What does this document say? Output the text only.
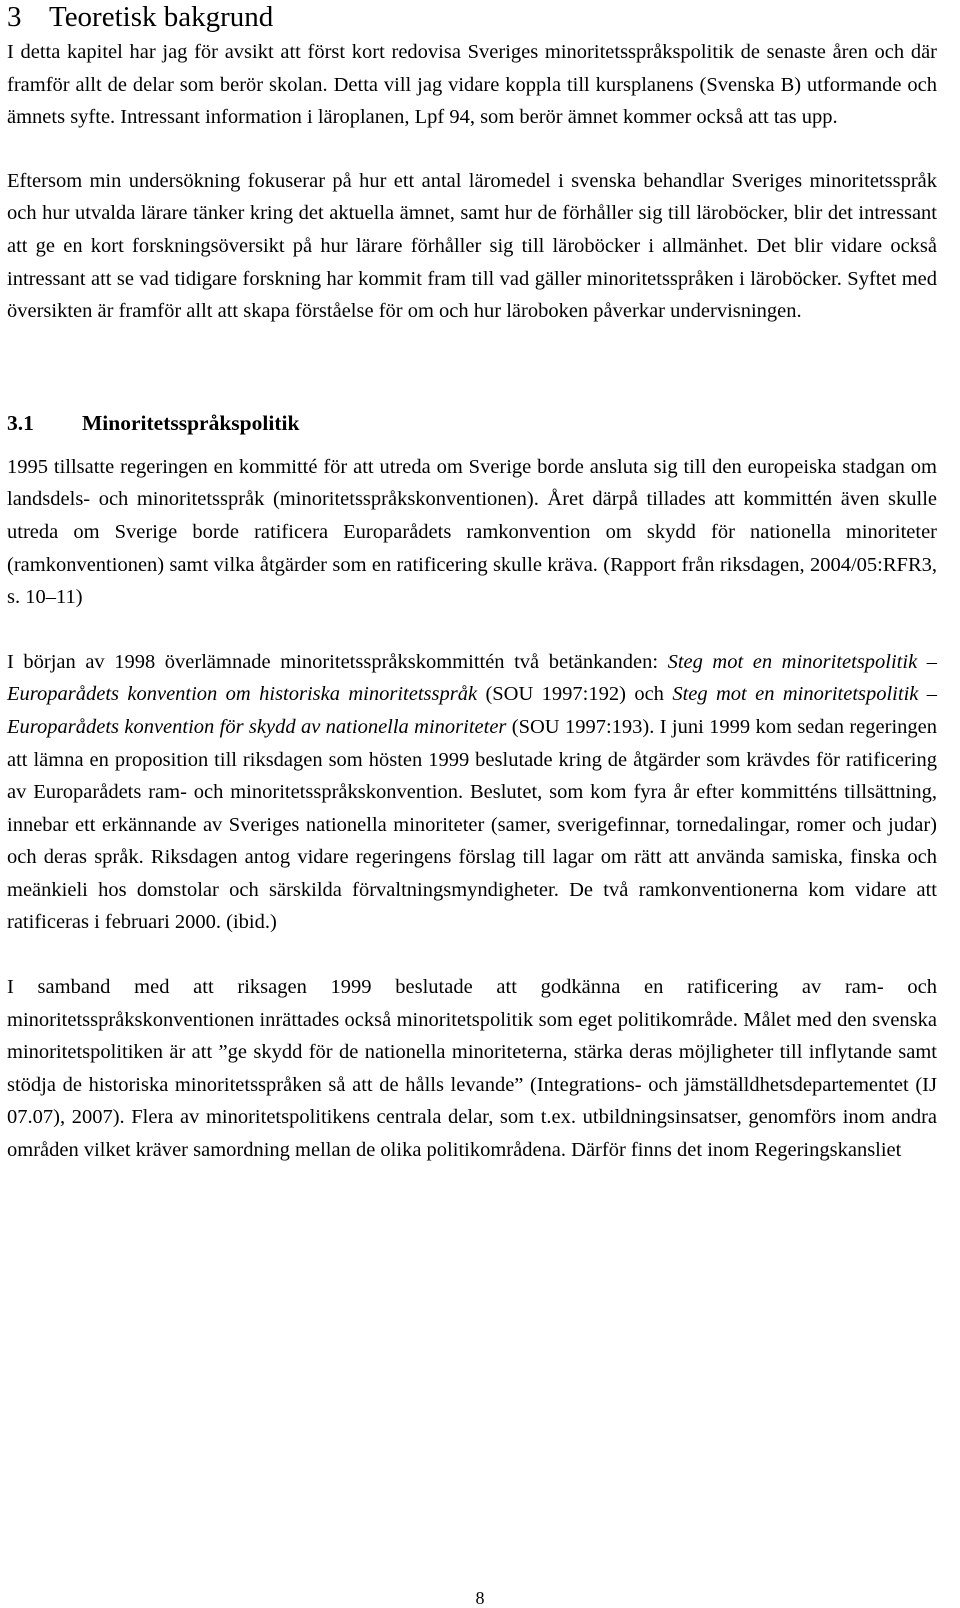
3 Teoretisk bakgrund

I detta kapitel har jag för avsikt att först kort redovisa Sveriges minoritetsspråkspolitik de senaste åren och där framför allt de delar som berör skolan. Detta vill jag vidare koppla till kursplanens (Svenska B) utformande och ämnets syfte. Intressant information i läroplanen, Lpf 94, som berör ämnet kommer också att tas upp.

Eftersom min undersökning fokuserar på hur ett antal läromedel i svenska behandlar Sveriges minoritetsspråk och hur utvalda lärare tänker kring det aktuella ämnet, samt hur de förhåller sig till läroböcker, blir det intressant att ge en kort forskningsöversikt på hur lärare förhåller sig till läroböcker i allmänhet. Det blir vidare också intressant att se vad tidigare forskning har kommit fram till vad gäller minoritetsspråken i läroböcker. Syftet med översikten är framför allt att skapa förståelse för om och hur läroboken påverkar undervisningen.

3.1 Minoritetsspråkspolitik

1995 tillsatte regeringen en kommitté för att utreda om Sverige borde ansluta sig till den europeiska stadgan om landsdels- och minoritetsspråk (minoritetsspråkskonventionen). Året därpå tillades att kommittén även skulle utreda om Sverige borde ratificera Europarådets ramkonvention om skydd för nationella minoriteter (ramkonventionen) samt vilka åtgärder som en ratificering skulle kräva. (Rapport från riksdagen, 2004/05:RFR3, s. 10–11)

I början av 1998 överlämnade minoritetsspråkskommittén två betänkanden: Steg mot en minoritetspolitik – Europarådets konvention om historiska minoritetsspråk (SOU 1997:192) och Steg mot en minoritetspolitik – Europarådets konvention för skydd av nationella minoriteter (SOU 1997:193). I juni 1999 kom sedan regeringen att lämna en proposition till riksdagen som hösten 1999 beslutade kring de åtgärder som krävdes för ratificering av Europarådets ram- och minoritetsspråkskonvention. Beslutet, som kom fyra år efter kommitténs tillsättning, innebar ett erkännande av Sveriges nationella minoriteter (samer, sverigefinnar, tornedalingar, romer och judar) och deras språk. Riksdagen antog vidare regeringens förslag till lagar om rätt att använda samiska, finska och meänkieli hos domstolar och särskilda förvaltningsmyndigheter. De två ramkonventionerna kom vidare att ratificeras i februari 2000. (ibid.)

I samband med att riksagen 1999 beslutade att godkänna en ratificering av ram- och minoritetsspråkskonventionen inrättades också minoritetspolitik som eget politikområde. Målet med den svenska minoritetspolitiken är att ”ge skydd för de nationella minoriteterna, stärka deras möjligheter till inflytande samt stödja de historiska minoritetsspråken så att de hålls levande” (Integrations- och jämställdhetsdepartementet (IJ 07.07), 2007). Flera av minoritetspolitikens centrala delar, som t.ex. utbildningsinsatser, genomförs inom andra områden vilket kräver samordning mellan de olika politikområdena. Därför finns det inom Regeringskansliet

8
